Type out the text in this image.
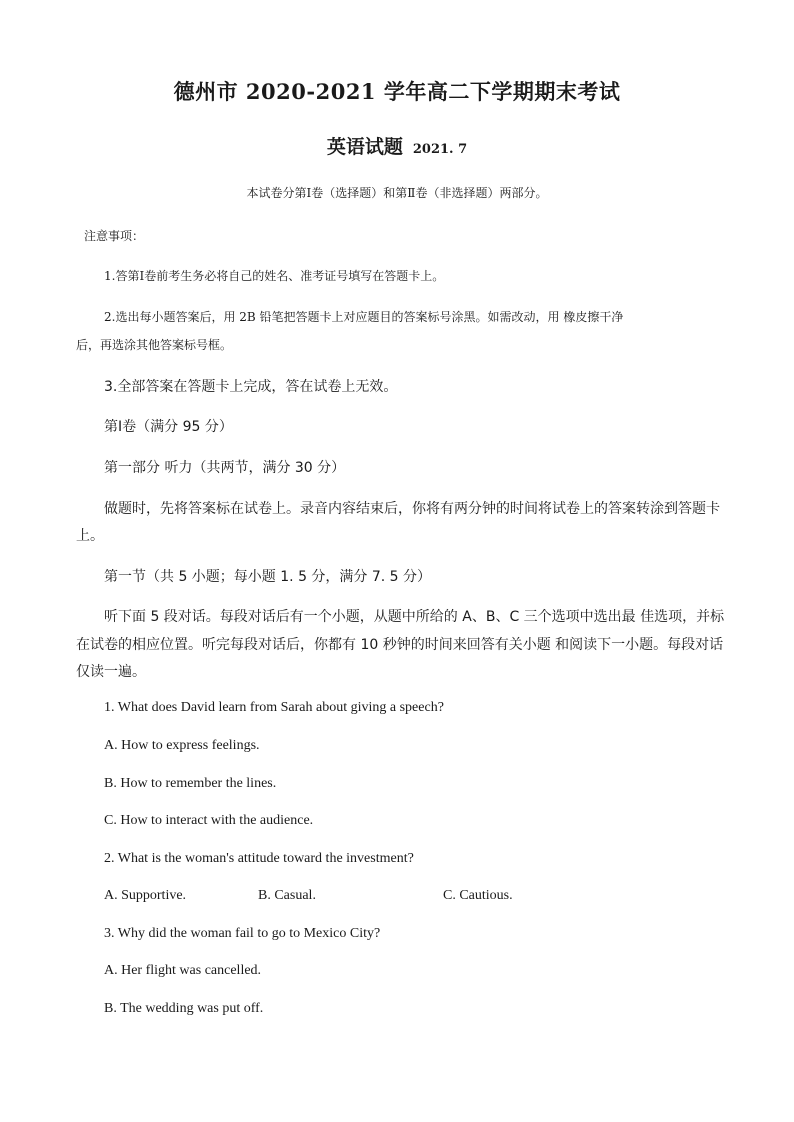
德州市 2020-2021 学年高二下学期期末考试
英语试题 2021. 7
本试卷分第Ⅰ卷（选择题）和第Ⅱ卷（非选择题）两部分。
注意事项：
1.答第Ⅰ卷前考生务必将自己的姓名、准考证号填写在答题卡上。
2.选出每小题答案后，用 2B 铅笔把答题卡上对应题目的答案标号涂黑。如需改动，用 橡皮擦干净
后，再选涂其他答案标号框。
3.全部答案在答题卡上完成，答在试卷上无效。
第Ⅰ卷（满分 95 分）
第一部分 听力（共两节，满分 30 分）
做题时，先将答案标在试卷上。录音内容结束后，你将有两分钟的时间将试卷上的答案转涂到答题卡
上。
第一节（共 5 小题；每小题 1. 5 分，满分 7. 5 分）
听下面 5 段对话。每段对话后有一个小题，从题中所给的 A、B、C 三个选项中选出最 佳选项，并标
在试卷的相应位置。听完每段对话后，你都有 10 秒钟的时间来回答有关小题 和阅读下一小题。每段对话
仅读一遍。
1. What does David learn from Sarah about giving a speech?
A. How to express feelings.
B. How to remember the lines.
C. How to interact with the audience.
2. What is the woman's attitude toward the investment?
A. Supportive.	B. Casual.	C. Cautious.
3. Why did the woman fail to go to Mexico City?
A. Her flight was cancelled.
B. The wedding was put off.
